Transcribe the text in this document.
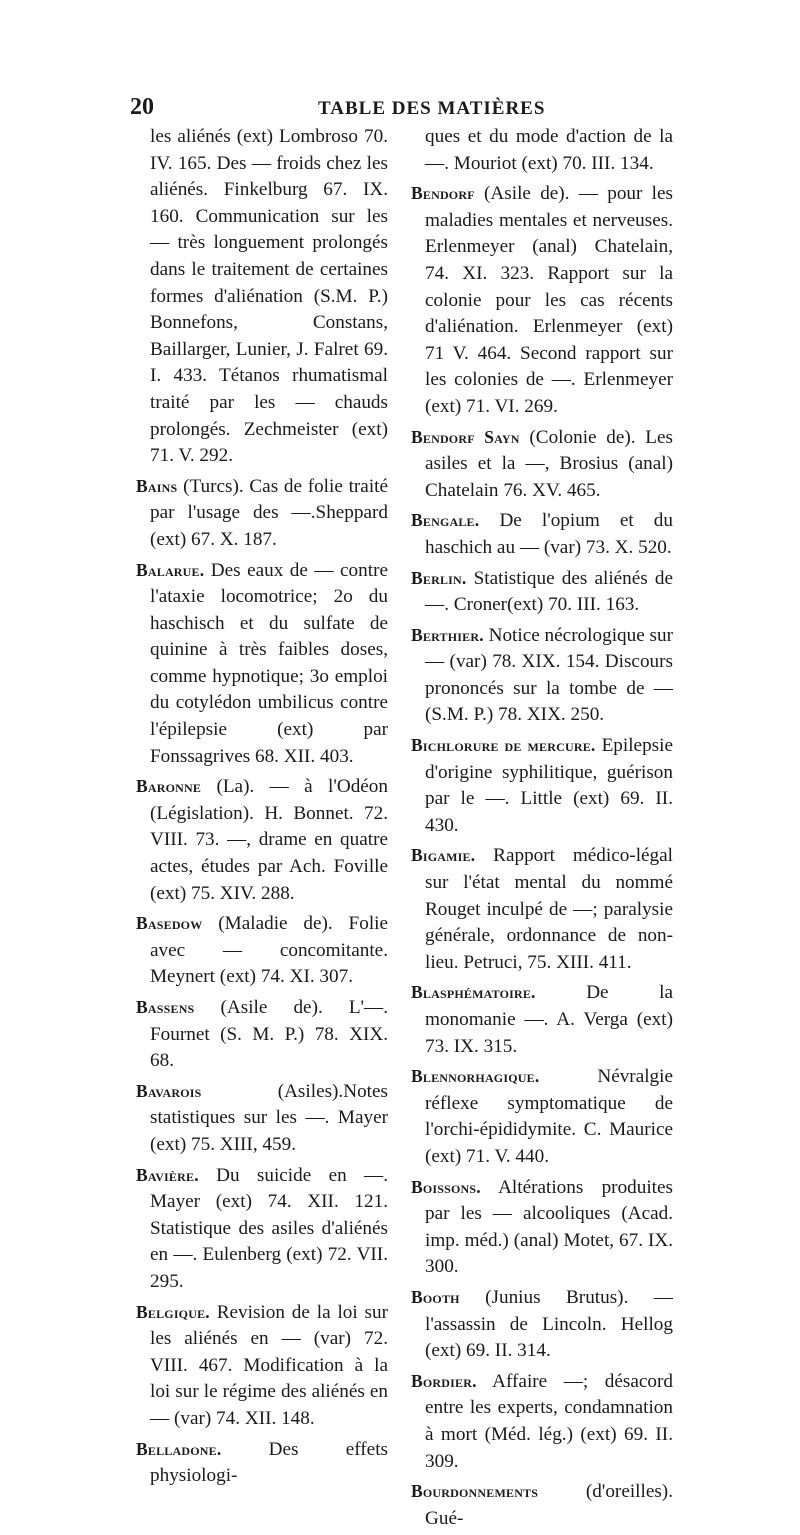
20	TABLE DES MATIÈRES

les aliénés (ext) Lombroso 70. IV. 165. Des — froids chez les aliénés. Finkelburg 67. IX. 160. Communication sur les — très longuement prolongés dans le traitement de certaines formes d'aliénation (S.M. P.) Bonnefons, Constans, Baillarger, Lunier, J. Falret 69. I. 433. Tétanos rhumatismal traité par les — chauds prolongés. Zechmeister (ext) 71. V. 292.

Bains (Turcs). Cas de folie traité par l'usage des —.Sheppard (ext) 67. X. 187.

Balarue. Des eaux de — contre l'ataxie locomotrice; 2o du haschisch et du sulfate de quinine à très faibles doses, comme hypnotique; 3o emploi du cotylédon umbilicus contre l'épilepsie (ext) par Fonssagrives 68. XII. 403.

Baronne (La). — à l'Odéon (Législation). H. Bonnet. 72. VIII. 73. —, drame en quatre actes, études par Ach. Foville (ext) 75. XIV. 288.

Basedow (Maladie de). Folie avec — concomitante. Meynert (ext) 74. XI. 307.

Bassens (Asile de). L'—. Fournet (S. M. P.) 78. XIX. 68.

Bavarois (Asiles).Notes statistiques sur les —. Mayer (ext) 75. XIII, 459.

Bavière. Du suicide en —. Mayer (ext) 74. XII. 121. Statistique des asiles d'aliénés en —. Eulenberg (ext) 72. VII. 295.

Belgique. Revision de la loi sur les aliénés en — (var) 72. VIII. 467. Modification à la loi sur le régime des aliénés en — (var) 74. XII. 148.

Belladone. Des effets physiologi-

ques et du mode d'action de la —. Mouriot (ext) 70. III. 134.

Bendorf (Asile de). — pour les maladies mentales et nerveuses. Erlenmeyer (anal) Chatelain, 74. XI. 323. Rapport sur la colonie pour les cas récents d'aliénation. Erlenmeyer (ext) 71 V. 464. Second rapport sur les colonies de —. Erlenmeyer (ext) 71. VI. 269.

Bendorf Sayn (Colonie de). Les asiles et la —, Brosius (anal) Chatelain 76. XV. 465.

Bengale. De l'opium et du haschich au — (var) 73. X. 520.

Berlin. Statistique des aliénés de —. Croner(ext) 70. III. 163.

Berthier. Notice nécrologique sur — (var) 78. XIX. 154. Discours prononcés sur la tombe de — (S.M. P.) 78. XIX. 250.

Bichlorure de mercure. Epilepsie d'origine syphilitique, guérison par le —. Little (ext) 69. II. 430.

Bigamie. Rapport médico-légal sur l'état mental du nommé Rouget inculpé de —; paralysie générale, ordonnance de non-lieu. Petruci, 75. XIII. 411.

Blasphématoire. De la monomanie —. A. Verga (ext) 73. IX. 315.

Blennorhagique. Névralgie réflexe symptomatique de l'orchi-épididymite. C. Maurice (ext) 71. V. 440.

Boissons. Altérations produites par les — alcooliques (Acad. imp. méd.) (anal) Motet, 67. IX. 300.

Booth (Junius Brutus). — l'assassin de Lincoln. Hellog (ext) 69. II. 314.

Bordier. Affaire —; désacord entre les experts, condamnation à mort (Méd. lég.) (ext) 69. II. 309.

Bourdonnements (d'oreilles). Gué-
